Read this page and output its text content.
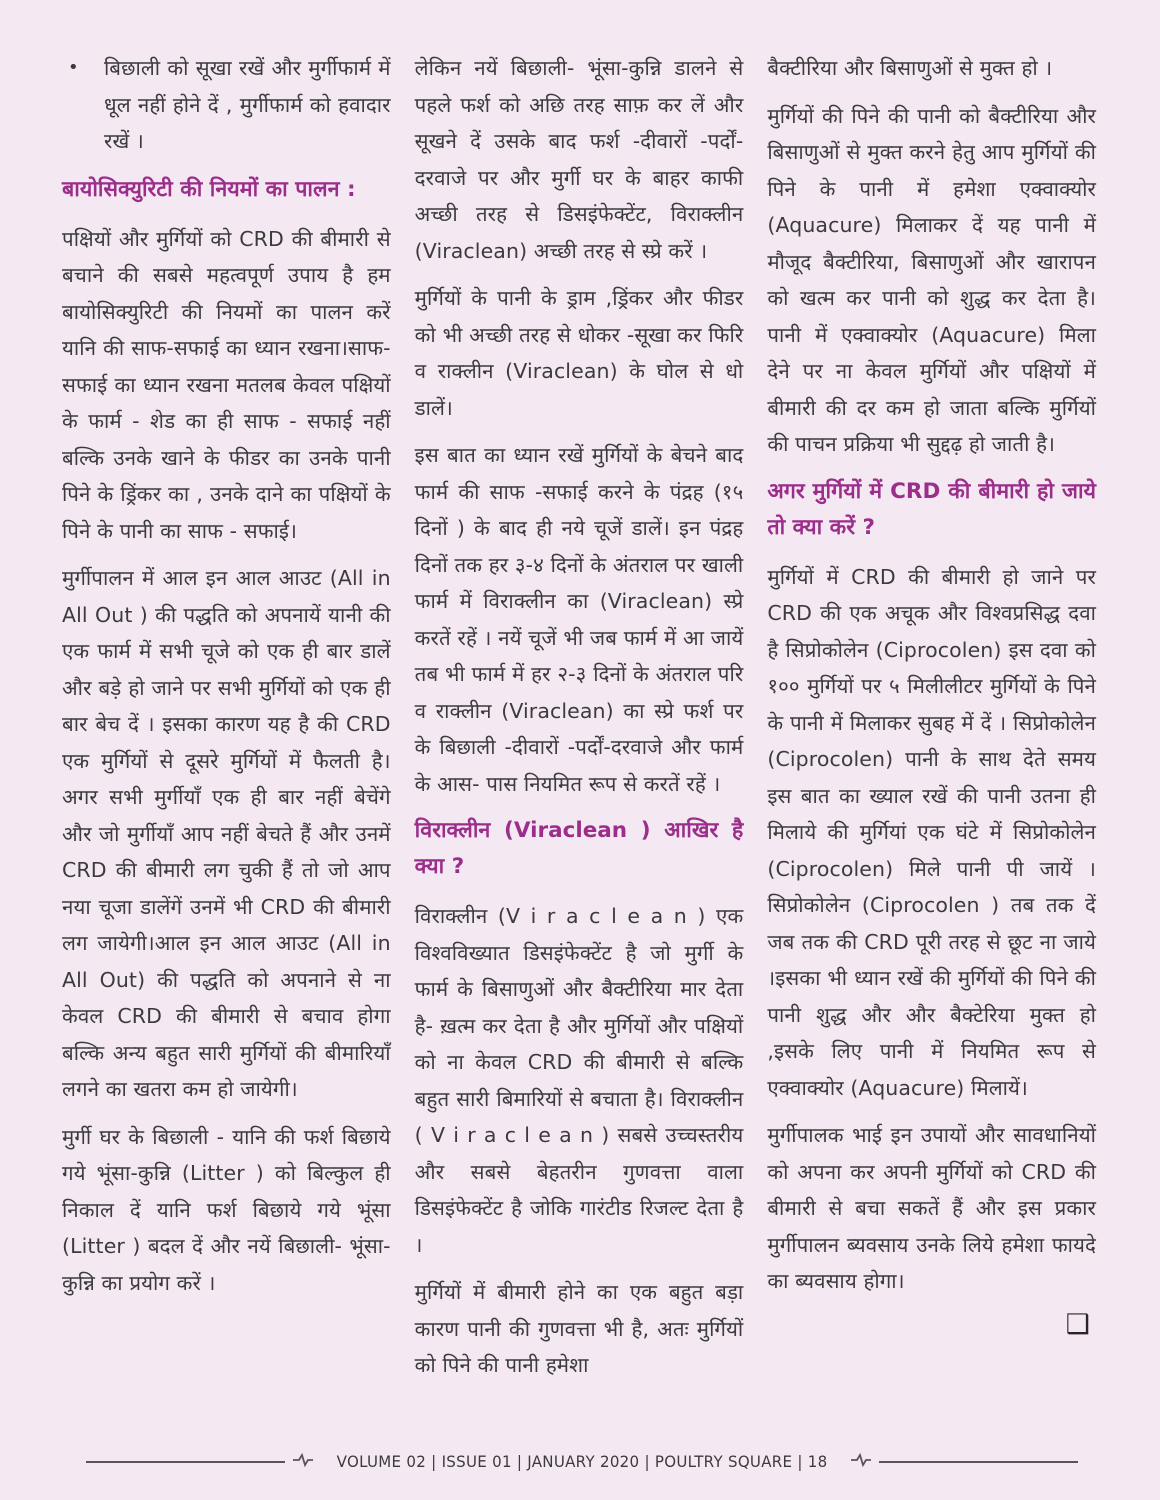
•	बिछाली को सूखा रखें और मुर्गीफार्म में धूल नहीं होने दें , मुर्गीफार्म को हवादार रखें ।

बायोसिक्युरिटी की नियमों का पालन :

पक्षियों और मुर्गियों को CRD की बीमारी से बचाने की सबसे महत्वपूर्ण उपाय है हम बायोसिक्युरिटी की नियमों का पालन करें यानि की साफ-सफाई का ध्यान रखना।साफ-सफाई का ध्यान रखना मतलब केवल पक्षियों के फार्म - शेड का ही साफ - सफाई नहीं बल्कि उनके खाने के फीडर का उनके पानी पिने के ड्रिंकर का , उनके दाने का पक्षियों के पिने के पानी का साफ - सफाई।

मुर्गीपालन में आल इन आल आउट (All in All Out ) की पद्धति को अपनायें यानी की एक फार्म में सभी चूजे को एक ही बार डालें और बड़े हो जाने पर सभी मुर्गियों को एक ही बार बेच दें । इसका कारण यह है की CRD एक मुर्गियों से दूसरे मुर्गियों में फैलती है। अगर सभी मुर्गीयाँ एक ही बार नहीं बेचेंगे और जो मुर्गीयाँ आप नहीं बेचते हैं और उनमें CRD की बीमारी लग चुकी हैं तो जो आप नया चूजा डालेंगें उनमें भी CRD की बीमारी लग जायेगी।आल इन आल आउट (All in All Out) की पद्धति को अपनाने से ना केवल CRD की बीमारी से बचाव होगा बल्कि अन्य बहुत सारी मुर्गियों की बीमारियाँ लगने का खतरा कम हो जायेगी।

मुर्गी घर के बिछाली - यानि की फर्श बिछाये गये भूंसा-कुन्नि (Litter ) को बिल्कुल ही निकाल दें यानि फर्श बिछाये गये भूंसा (Litter ) बदल दें और नयें बिछाली- भूंसा-कुन्नि का प्रयोग करें ।

लेकिन नयें बिछाली- भूंसा-कुन्नि डालने से पहले फर्श को अछि तरह साफ़ कर लें और सूखने दें उसके बाद फर्श -दीवारों -पर्दों- दरवाजे पर और मुर्गी घर के बाहर काफी अच्छी तरह से डिसइंफेक्टेंट, विराक्लीन (Viraclean) अच्छी तरह से स्प्रे करें ।

मुर्गियों के पानी के ड्राम ,ड्रिंकर और फीडर को भी अच्छी तरह से धोकर -सूखा कर फिरि व राक्लीन (Viraclean) के घोल से धो डालें।

इस बात का ध्यान रखें मुर्गियों के बेचने बाद फार्म की साफ -सफाई करने के पंद्रह (१५ दिनों ) के बाद ही नये चूजें डालें। इन पंद्रह दिनों तक हर ३-४ दिनों के अंतराल पर खाली फार्म में विराक्लीन का (Viraclean) स्प्रे करतें रहें । नयें चूजें भी जब फार्म में आ जायें तब भी फार्म में हर २-३ दिनों के अंतराल परि व राक्लीन (Viraclean) का स्प्रे फर्श पर के बिछाली -दीवारों -पर्दों-दरवाजे और फार्म के आस- पास नियमित रूप से करतें रहें ।

विराक्लीन (Viraclean ) आखिर है क्या ?

विराक्लीन (V i r a c l e a n ) एक विश्वविख्यात डिसइंफेक्टेंट है जो मुर्गी के फार्म के बिसाणुओं और बैक्टीरिया मार देता है- ख़त्म कर देता है और मुर्गियों और पक्षियों को ना केवल CRD की बीमारी से बल्कि बहुत सारी बिमारियों से बचाता है। विराक्लीन ( V i r a c l e a n ) सबसे उच्चस्तरीय और सबसे बेहतरीन गुणवत्ता वाला डिसइंफेक्टेंट है जोकि गारंटीड रिजल्ट देता है ।

मुर्गियों में बीमारी होने का एक बहुत बड़ा कारण पानी की गुणवत्ता भी है, अतः मुर्गियों को पिने की पानी हमेशा

बैक्टीरिया और बिसाणुओं से मुक्त हो ।

मुर्गियों की पिने की पानी को बैक्टीरिया और बिसाणुओं से मुक्त करने हेतु आप मुर्गियों की पिने के पानी में हमेशा एक्वाक्योर (Aquacure) मिलाकर दें यह पानी में मौजूद बैक्टीरिया, बिसाणुओं और खारापन को खत्म कर पानी को शुद्ध कर देता है। पानी में एक्वाक्योर (Aquacure) मिला देने पर ना केवल मुर्गियों और पक्षियों में बीमारी की दर कम हो जाता बल्कि मुर्गियों की पाचन प्रक्रिया भी सुद्दढ़ हो जाती है।

अगर मुर्गियों में CRD की बीमारी हो जाये तो क्या करें ?

मुर्गियों में CRD की बीमारी हो जाने पर CRD की एक अचूक और विश्वप्रसिद्ध दवा है सिप्रोकोलेन (Ciprocolen) इस दवा को १०० मुर्गियों पर ५ मिलीलीटर मुर्गियों के पिने के पानी में मिलाकर सुबह में दें । सिप्रोकोलेन (Ciprocolen) पानी के साथ देते समय इस बात का ख्याल रखें की पानी उतना ही मिलाये की मुर्गियां एक घंटे में सिप्रोकोलेन (Ciprocolen) मिले पानी पी जायें ।सिप्रोकोलेन (Ciprocolen ) तब तक दें जब तक की CRD पूरी तरह से छूट ना जाये ।इसका भी ध्यान रखें की मुर्गियों की पिने की पानी शुद्ध और और बैक्टेरिया मुक्त हो ,इसके लिए पानी में नियमित रूप से एक्वाक्योर (Aquacure) मिलायें।

मुर्गीपालक भाई इन उपायों और सावधानियों को अपना कर अपनी मुर्गियों को CRD की बीमारी से बचा सकतें हैं और इस प्रकार मुर्गीपालन ब्यवसाय उनके लिये हमेशा फायदे का ब्यवसाय होगा।

❑
VOLUME 02 | ISSUE 01 | JANUARY 2020 | POULTRY SQUARE | 18
